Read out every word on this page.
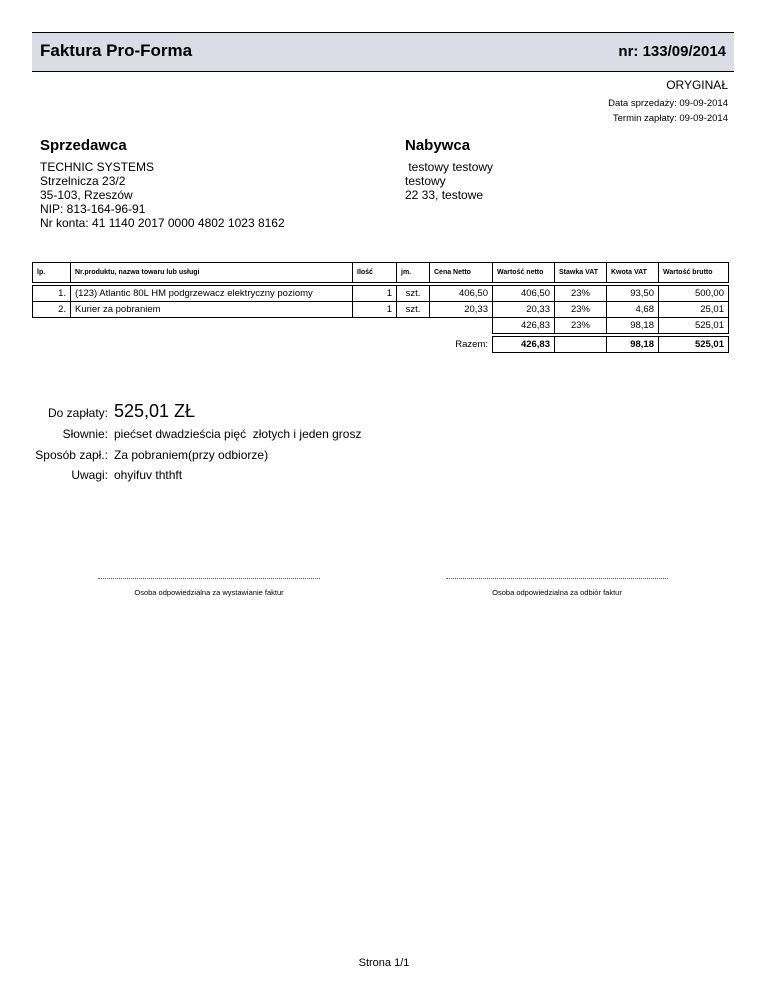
Faktura Pro-Forma	nr: 133/09/2014
ORYGINAŁ
Data sprzedaży: 09-09-2014
Termin zapłaty: 09-09-2014
Sprzedawca
TECHNIC SYSTEMS
Strzelnicza 23/2
35-103, Rzeszów
NIP: 813-164-96-91
Nr konta: 41 1140 2017 0000 4802 1023 8162
Nabywca
testowy testowy
testowy
22 33, testowe
lp.	Nr.produktu, nazwa towaru lub usługi	Ilość	jm.	Cena Netto	Wartość netto	Stawka VAT	Kwota VAT	Wartość brutto

1.	(123) Atlantic 80L HM podgrzewacz elektryczny poziomy	1	szt.	406,50	406,50	23%	93,50	500,00
2.	Kurier za pobraniem	1	szt.	20,33	20,33	23%	4,68	25,01
					426,83	23%	98,18	525,01

				Razem:	426,83		98,18	525,01
Do zapłaty: 525,01 ZŁ
Słownie: piećset dwadzieścia pięć  złotych i jeden grosz
Sposób zapł.: Za pobraniem(przy odbiorze)
Uwagi: ohyifuv ththft
Osoba odpowiedzialna za wystawianie faktur	Osoba odpowiedzialna za odbiór faktur
Strona 1/1
